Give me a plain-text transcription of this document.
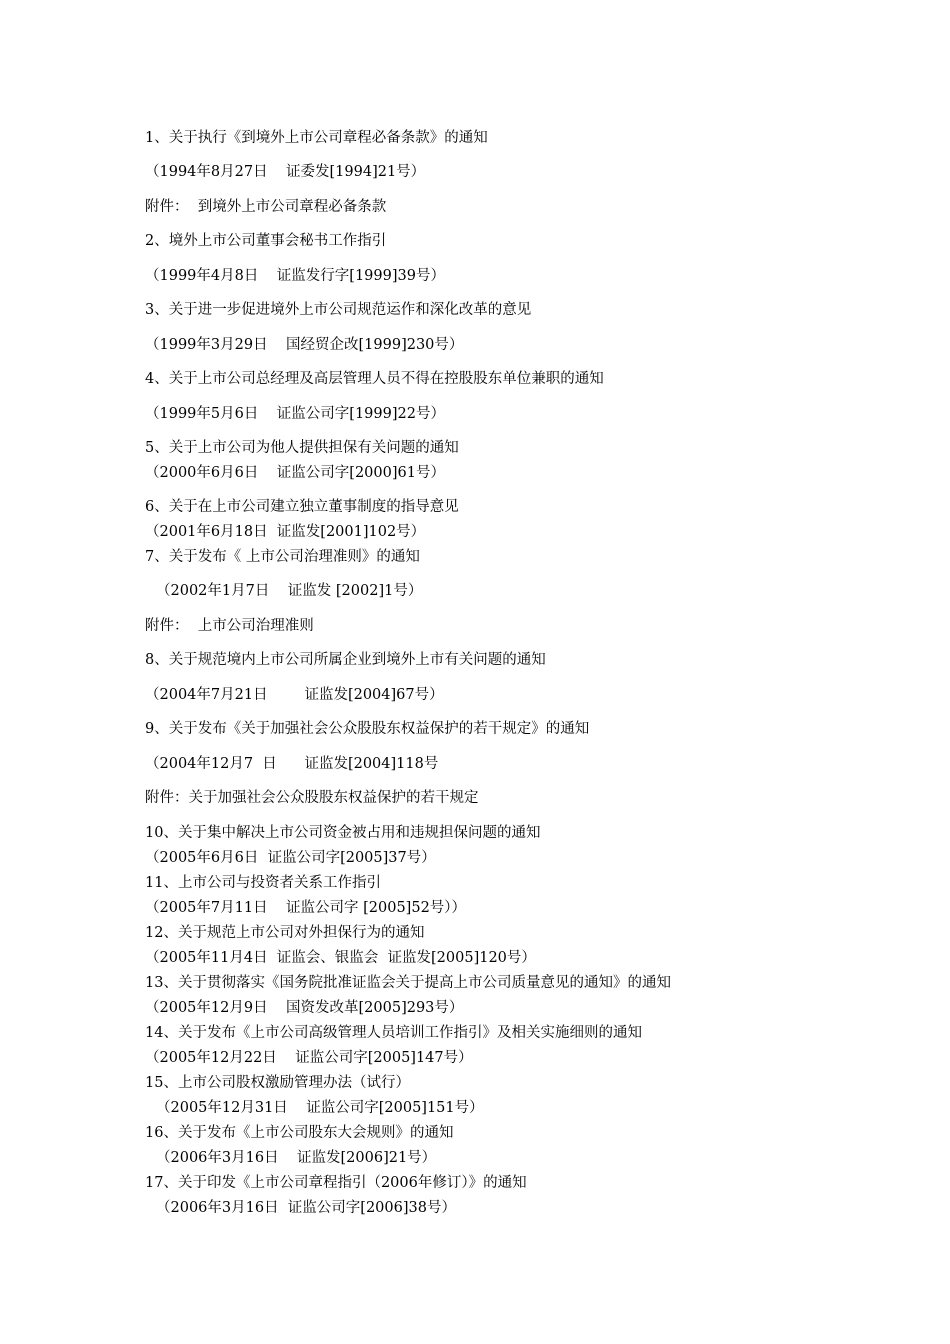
1、关于执行《到境外上市公司章程必备条款》的通知

（1994年8月27日    证委发[1994]21号）

附件：  到境外上市公司章程必备条款

2、境外上市公司董事会秘书工作指引

（1999年4月8日    证监发行字[1999]39号）

3、关于进一步促进境外上市公司规范运作和深化改革的意见

（1999年3月29日    国经贸企改[1999]230号）

4、关于上市公司总经理及高层管理人员不得在控股股东单位兼职的通知

（1999年5月6日    证监公司字[1999]22号）

5、关于上市公司为他人提供担保有关问题的通知

（2000年6月6日    证监公司字[2000]61号）

6、关于在上市公司建立独立董事制度的指导意见

（2001年6月18日  证监发[2001]102号）

7、关于发布《 上市公司治理准则》的通知

（2002年1月7日    证监发 [2002]1号）

附件：  上市公司治理准则

8、关于规范境内上市公司所属企业到境外上市有关问题的通知

（2004年7月21日        证监发[2004]67号）

9、关于发布《关于加强社会公众股股东权益保护的若干规定》的通知

（2004年12月7  日      证监发[2004]118号

附件：关于加强社会公众股股东权益保护的若干规定

10、关于集中解决上市公司资金被占用和违规担保问题的通知

（2005年6月6日  证监公司字[2005]37号）

11、上市公司与投资者关系工作指引

（2005年7月11日    证监公司字 [2005]52号））

12、关于规范上市公司对外担保行为的通知

（2005年11月4日  证监会、银监会  证监发[2005]120号）

13、关于贯彻落实《国务院批准证监会关于提高上市公司质量意见的通知》的通知

（2005年12月9日    国资发改革[2005]293号）

14、关于发布《上市公司高级管理人员培训工作指引》及相关实施细则的通知

（2005年12月22日    证监公司字[2005]147号）

15、上市公司股权激励管理办法（试行）

（2005年12月31日    证监公司字[2005]151号）

16、关于发布《上市公司股东大会规则》的通知

（2006年3月16日    证监发[2006]21号）

17、关于印发《上市公司章程指引（2006年修订）》的通知

（2006年3月16日  证监公司字[2006]38号）
